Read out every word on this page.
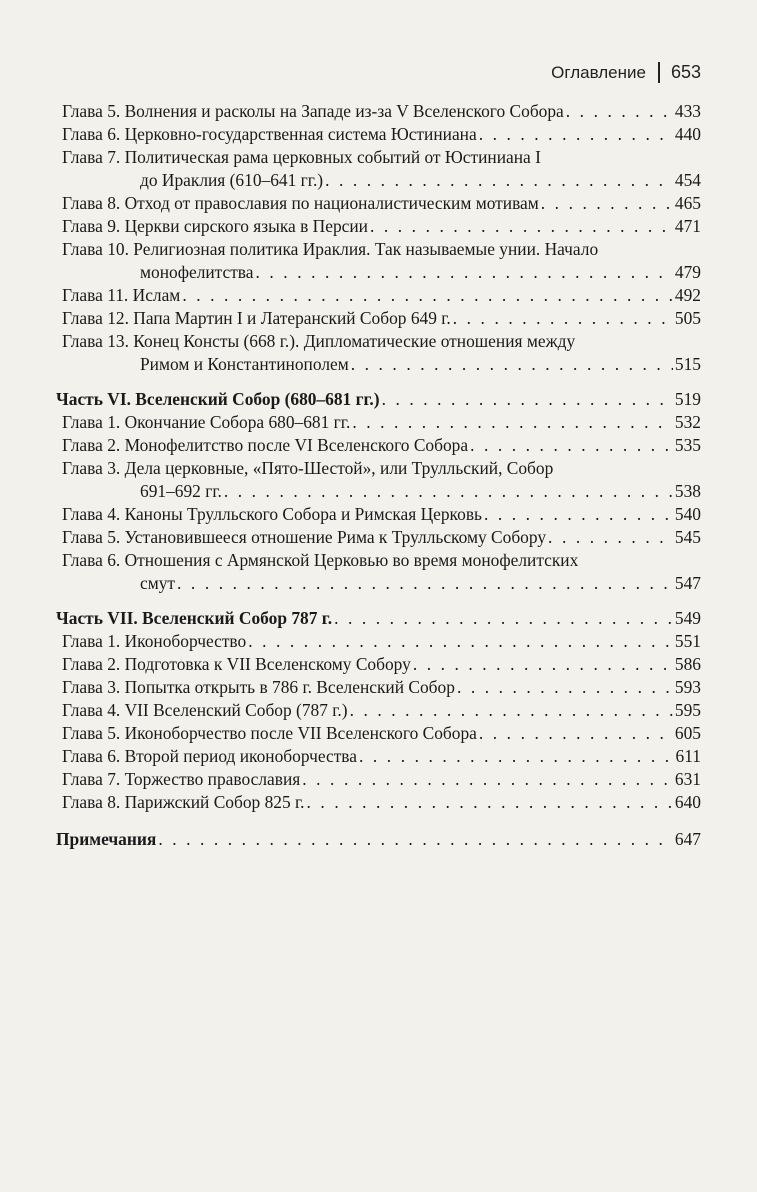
Оглавление 653
Глава 5. Волнения и расколы на Западе из-за V Вселенского Собора . . .	433
Глава 6. Церковно-государственная система Юстиниана . . .	440
Глава 7. Политическая рама церковных событий от Юстиниана I
до Ираклия (610–641 гг.) . . .	454
Глава 8. Отход от православия по националистическим мотивам . . .	465
Глава 9. Церкви сирского языка в Персии . . .	471
Глава 10. Религиозная политика Ираклия. Так называемые унии. Начало
монофелитства . . .	479
Глава 11. Ислам . . .	492
Глава 12. Папа Мартин I и Латеранский Собор 649 г. . . .	505
Глава 13. Конец Консты (668 г.). Дипломатические отношения между
Римом и Константинополем . . .	515
Часть VI. Вселенский Собор (680–681 гг.) . . .	519
Глава 1. Окончание Собора 680–681 гг. . . .	532
Глава 2. Монофелитство после VI Вселенского Собора . . .	535
Глава 3. Дела церковные, «Пято-Шестой», или Трулльский, Собор
691–692 гг. . . .	538
Глава 4. Каноны Трулльского Собора и Римская Церковь . . .	540
Глава 5. Установившееся отношение Рима к Трулльскому Собору . . .	545
Глава 6. Отношения с Армянской Церковью во время монофелитских
смут . . .	547
Часть VII. Вселенский Собор 787 г. . . .	549
Глава 1. Иконоборчество . . .	551
Глава 2. Подготовка к VII Вселенскому Собору . . .	586
Глава 3. Попытка открыть в 786 г. Вселенский Собор . . .	593
Глава 4. VII Вселенский Собор (787 г.) . . .	595
Глава 5. Иконоборчество после VII Вселенского Собора . . .	605
Глава 6. Второй период иконоборчества . . .	611
Глава 7. Торжество православия . . .	631
Глава 8. Парижский Собор 825 г. . . .	640
Примечания . . .	647
